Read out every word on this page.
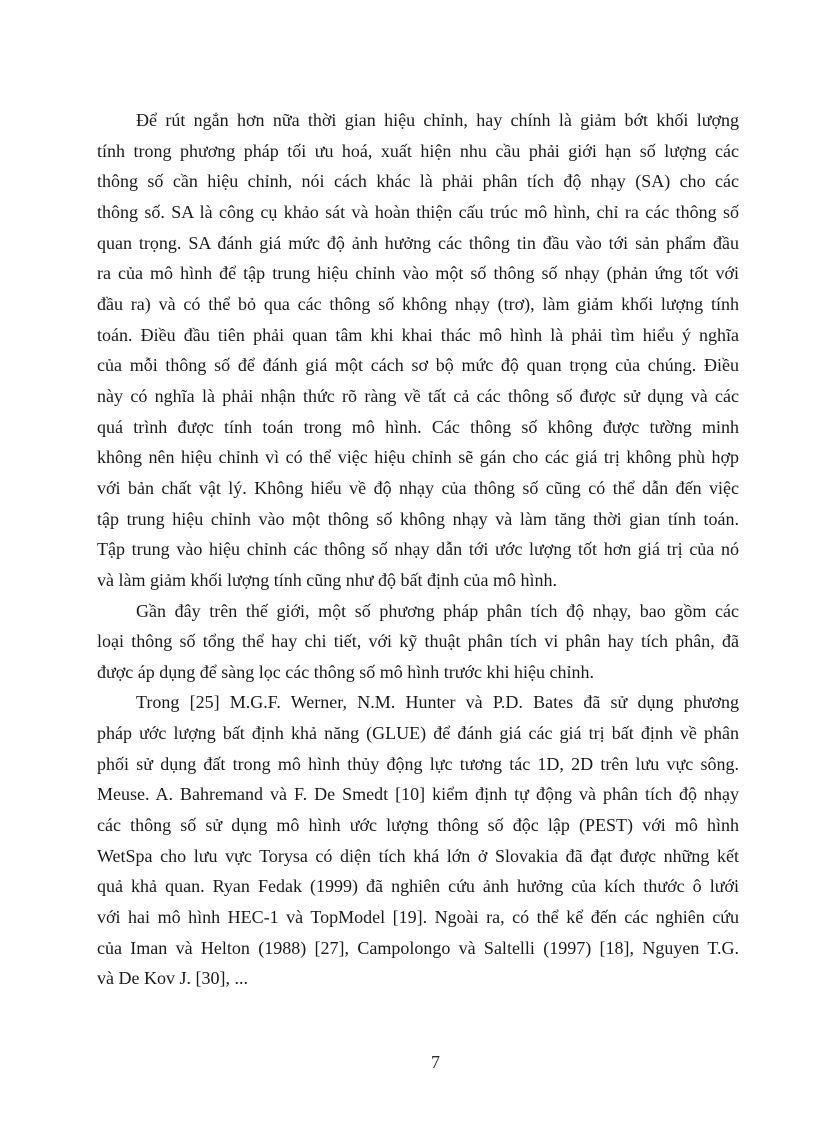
Để rút ngắn hơn nữa thời gian hiệu chỉnh, hay chính là giảm bớt khối lượng
tính trong phương pháp tối ưu hoá, xuất hiện nhu cầu phải giới hạn số lượng các
thông số cần hiệu chỉnh, nói cách khác là phải phân tích độ nhạy (SA) cho các
thông số. SA là công cụ khảo sát và hoàn thiện cấu trúc mô hình, chỉ ra các thông số
quan trọng. SA đánh giá mức độ ảnh hưởng các thông tin đầu vào tới sản phẩm đầu
ra của mô hình để tập trung hiệu chỉnh vào một số thông số nhạy (phản ứng tốt với
đầu ra) và có thể bỏ qua các thông số không nhạy (trơ), làm giảm khối lượng tính
toán. Điều đầu tiên phải quan tâm khi khai thác mô hình là phải tìm hiểu ý nghĩa
của mỗi thông số để đánh giá một cách sơ bộ mức độ quan trọng của chúng. Điều
này có nghĩa là phải nhận thức rõ ràng về tất cả các thông số được sử dụng và các
quá trình được tính toán trong mô hình. Các thông số không được tường minh
không nên hiệu chỉnh vì có thể việc hiệu chỉnh sẽ gán cho các giá trị không phù hợp
với bản chất vật lý. Không hiểu về độ nhạy của thông số cũng có thể dẫn đến việc
tập trung hiệu chỉnh vào một thông số không nhạy và làm tăng thời gian tính toán.
Tập trung vào hiệu chỉnh các thông số nhạy dẫn tới ước lượng tốt hơn giá trị của nó
và làm giảm khối lượng tính cũng như độ bất định của mô hình.
Gần đây trên thế giới, một số phương pháp phân tích độ nhạy, bao gồm các
loại thông số tổng thể hay chi tiết, với kỹ thuật phân tích vi phân hay tích phân, đã
được áp dụng để sàng lọc các thông số mô hình trước khi hiệu chỉnh.
Trong [25] M.G.F. Werner, N.M. Hunter và P.D. Bates đã sử dụng phương
pháp ước lượng bất định khả năng (GLUE) để đánh giá các giá trị bất định về phân
phối sử dụng đất trong mô hình thủy động lực tương tác 1D, 2D trên lưu vực sông.
Meuse. A. Bahremand và F. De Smedt [10] kiểm định tự động và phân tích độ nhạy
các thông số sử dụng mô hình ước lượng thông số độc lập (PEST) với mô hình
WetSpa cho lưu vực Torysa có diện tích khá lớn ở Slovakia đã đạt được những kết
quả khả quan. Ryan Fedak (1999) đã nghiên cứu ảnh hưởng của kích thước ô lưới
với hai mô hình HEC-1 và TopModel [19]. Ngoài ra, có thể kể đến các nghiên cứu
của Iman và Helton (1988) [27], Campolongo và Saltelli (1997) [18], Nguyen T.G.
và De Kov J. [30], ...
7
